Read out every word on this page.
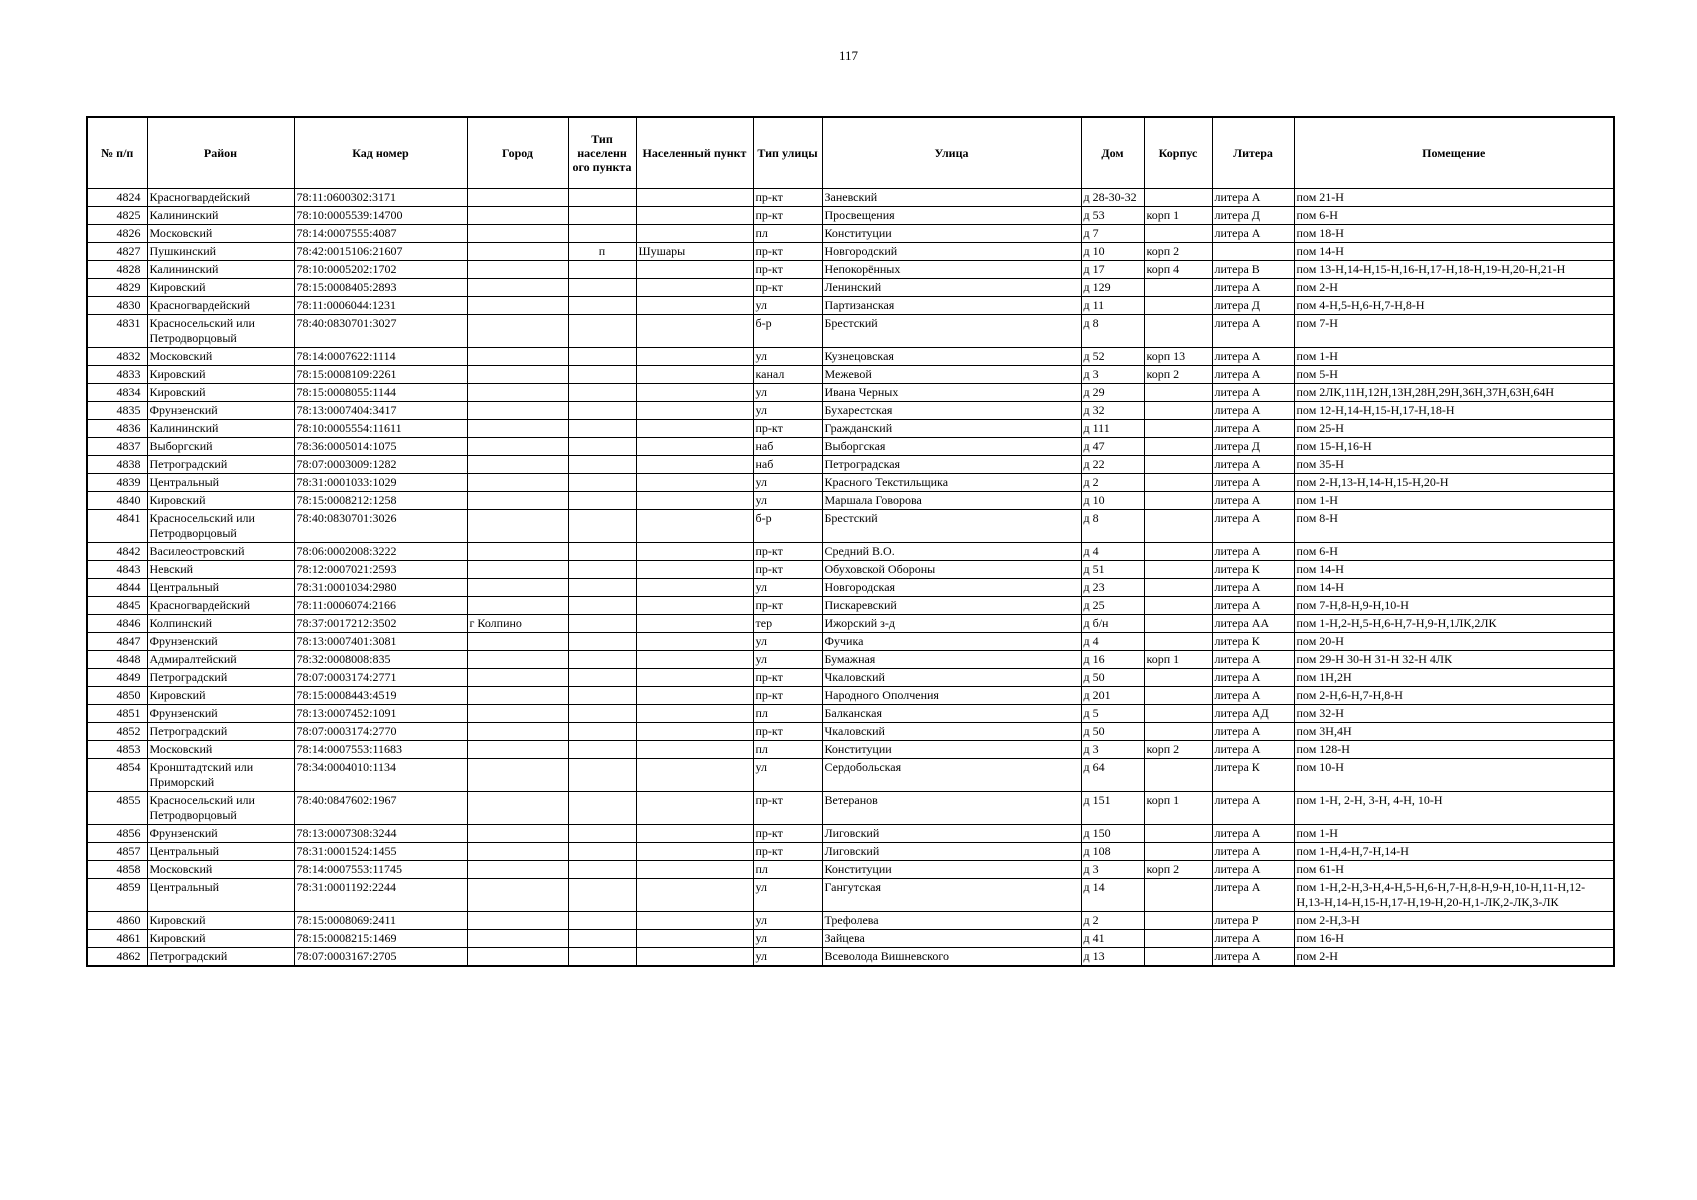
117
№ п/п	Район	Кад номер	Город	Тип населенн ого пункта	Населенный пункт	Тип улицы	Улица	Дом	Корпус	Литера	Помещение
4824	Красногвардейский	78:11:0600302:3171				пр-кт	Заневский	д 28-30-32		литера А	пом 21-Н
4825	Калининский	78:10:0005539:14700				пр-кт	Просвещения	д 53	корп 1	литера Д	пом 6-Н
4826	Московский	78:14:0007555:4087				пл	Конституции	д 7		литера А	пом 18-Н
4827	Пушкинский	78:42:0015106:21607		п	Шушары	пр-кт	Новгородский	д 10	корп 2		пом 14-Н
4828	Калининский	78:10:0005202:1702				пр-кт	Непокорённых	д 17	корп 4	литера В	пом 13-Н,14-Н,15-Н,16-Н,17-Н,18-Н,19-Н,20-Н,21-Н
4829	Кировский	78:15:0008405:2893				пр-кт	Ленинский	д 129		литера А	пом 2-Н
4830	Красногвардейский	78:11:0006044:1231				ул	Партизанская	д 11		литера Д	пом 4-Н,5-Н,6-Н,7-Н,8-Н
4831	Красносельский или Петродворцовый	78:40:0830701:3027				б-р	Брестский	д 8		литера А	пом 7-Н
4832	Московский	78:14:0007622:1114				ул	Кузнецовская	д 52	корп 13	литера А	пом 1-Н
4833	Кировский	78:15:0008109:2261				канал	Межевой	д 3	корп 2	литера А	пом 5-Н
4834	Кировский	78:15:0008055:1144				ул	Ивана Черных	д 29		литера А	пом 2ЛК,11Н,12Н,13Н,28Н,29Н,36Н,37Н,63Н,64Н
4835	Фрунзенский	78:13:0007404:3417				ул	Бухарестская	д 32		литера А	пом 12-Н,14-Н,15-Н,17-Н,18-Н
4836	Калининский	78:10:0005554:11611				пр-кт	Гражданский	д 111		литера А	пом 25-Н
4837	Выборгский	78:36:0005014:1075				наб	Выборгская	д 47		литера Д	пом 15-Н,16-Н
4838	Петроградский	78:07:0003009:1282				наб	Петроградская	д 22		литера А	пом 35-Н
4839	Центральный	78:31:0001033:1029				ул	Красного Текстильщика	д 2		литера А	пом 2-Н,13-Н,14-Н,15-Н,20-Н
4840	Кировский	78:15:0008212:1258				ул	Маршала Говорова	д 10		литера А	пом 1-Н
4841	Красносельский или Петродворцовый	78:40:0830701:3026				б-р	Брестский	д 8		литера А	пом 8-Н
4842	Василеостровский	78:06:0002008:3222				пр-кт	Средний В.О.	д 4		литера А	пом 6-Н
4843	Невский	78:12:0007021:2593				пр-кт	Обуховской Обороны	д 51		литера К	пом 14-Н
4844	Центральный	78:31:0001034:2980				ул	Новгородская	д 23		литера А	пом 14-Н
4845	Красногвардейский	78:11:0006074:2166				пр-кт	Пискаревский	д 25		литера А	пом 7-Н,8-Н,9-Н,10-Н
4846	Колпинский	78:37:0017212:3502	г Колпино			тер	Ижорский з-д	д б/н		литера АА	пом 1-Н,2-Н,5-Н,6-Н,7-Н,9-Н,1ЛК,2ЛК
4847	Фрунзенский	78:13:0007401:3081				ул	Фучика	д 4		литера К	пом 20-Н
4848	Адмиралтейский	78:32:0008008:835				ул	Бумажная	д 16	корп 1	литера А	пом 29-Н 30-Н 31-Н 32-Н 4ЛК
4849	Петроградский	78:07:0003174:2771				пр-кт	Чкаловский	д 50		литера А	пом 1Н,2Н
4850	Кировский	78:15:0008443:4519				пр-кт	Народного Ополчения	д 201		литера А	пом 2-Н,6-Н,7-Н,8-Н
4851	Фрунзенский	78:13:0007452:1091				пл	Балканская	д 5		литера АД	пом 32-Н
4852	Петроградский	78:07:0003174:2770				пр-кт	Чкаловский	д 50		литера А	пом 3Н,4Н
4853	Московский	78:14:0007553:11683				пл	Конституции	д 3	корп 2	литера А	пом 128-Н
4854	Кронштадтский или Приморский	78:34:0004010:1134				ул	Сердобольская	д 64		литера К	пом 10-Н
4855	Красносельский или Петродворцовый	78:40:0847602:1967				пр-кт	Ветеранов	д 151	корп 1	литера А	пом 1-Н, 2-Н, 3-Н, 4-Н, 10-Н
4856	Фрунзенский	78:13:0007308:3244				пр-кт	Лиговский	д 150		литера А	пом 1-Н
4857	Центральный	78:31:0001524:1455				пр-кт	Лиговский	д 108		литера А	пом 1-Н,4-Н,7-Н,14-Н
4858	Московский	78:14:0007553:11745				пл	Конституции	д 3	корп 2	литера А	пом 61-Н
4859	Центральный	78:31:0001192:2244				ул	Гангутская	д 14		литера А	пом 1-Н,2-Н,3-Н,4-Н,5-Н,6-Н,7-Н,8-Н,9-Н,10-Н,11-Н,12-Н,13-Н,14-Н,15-Н,17-Н,19-Н,20-Н,1-ЛК,2-ЛК,3-ЛК
4860	Кировский	78:15:0008069:2411				ул	Трефолева	д 2		литера Р	пом 2-Н,3-Н
4861	Кировский	78:15:0008215:1469				ул	Зайцева	д 41		литера А	пом 16-Н
4862	Петроградский	78:07:0003167:2705				ул	Всеволода Вишневского	д 13		литера А	пом 2-Н
